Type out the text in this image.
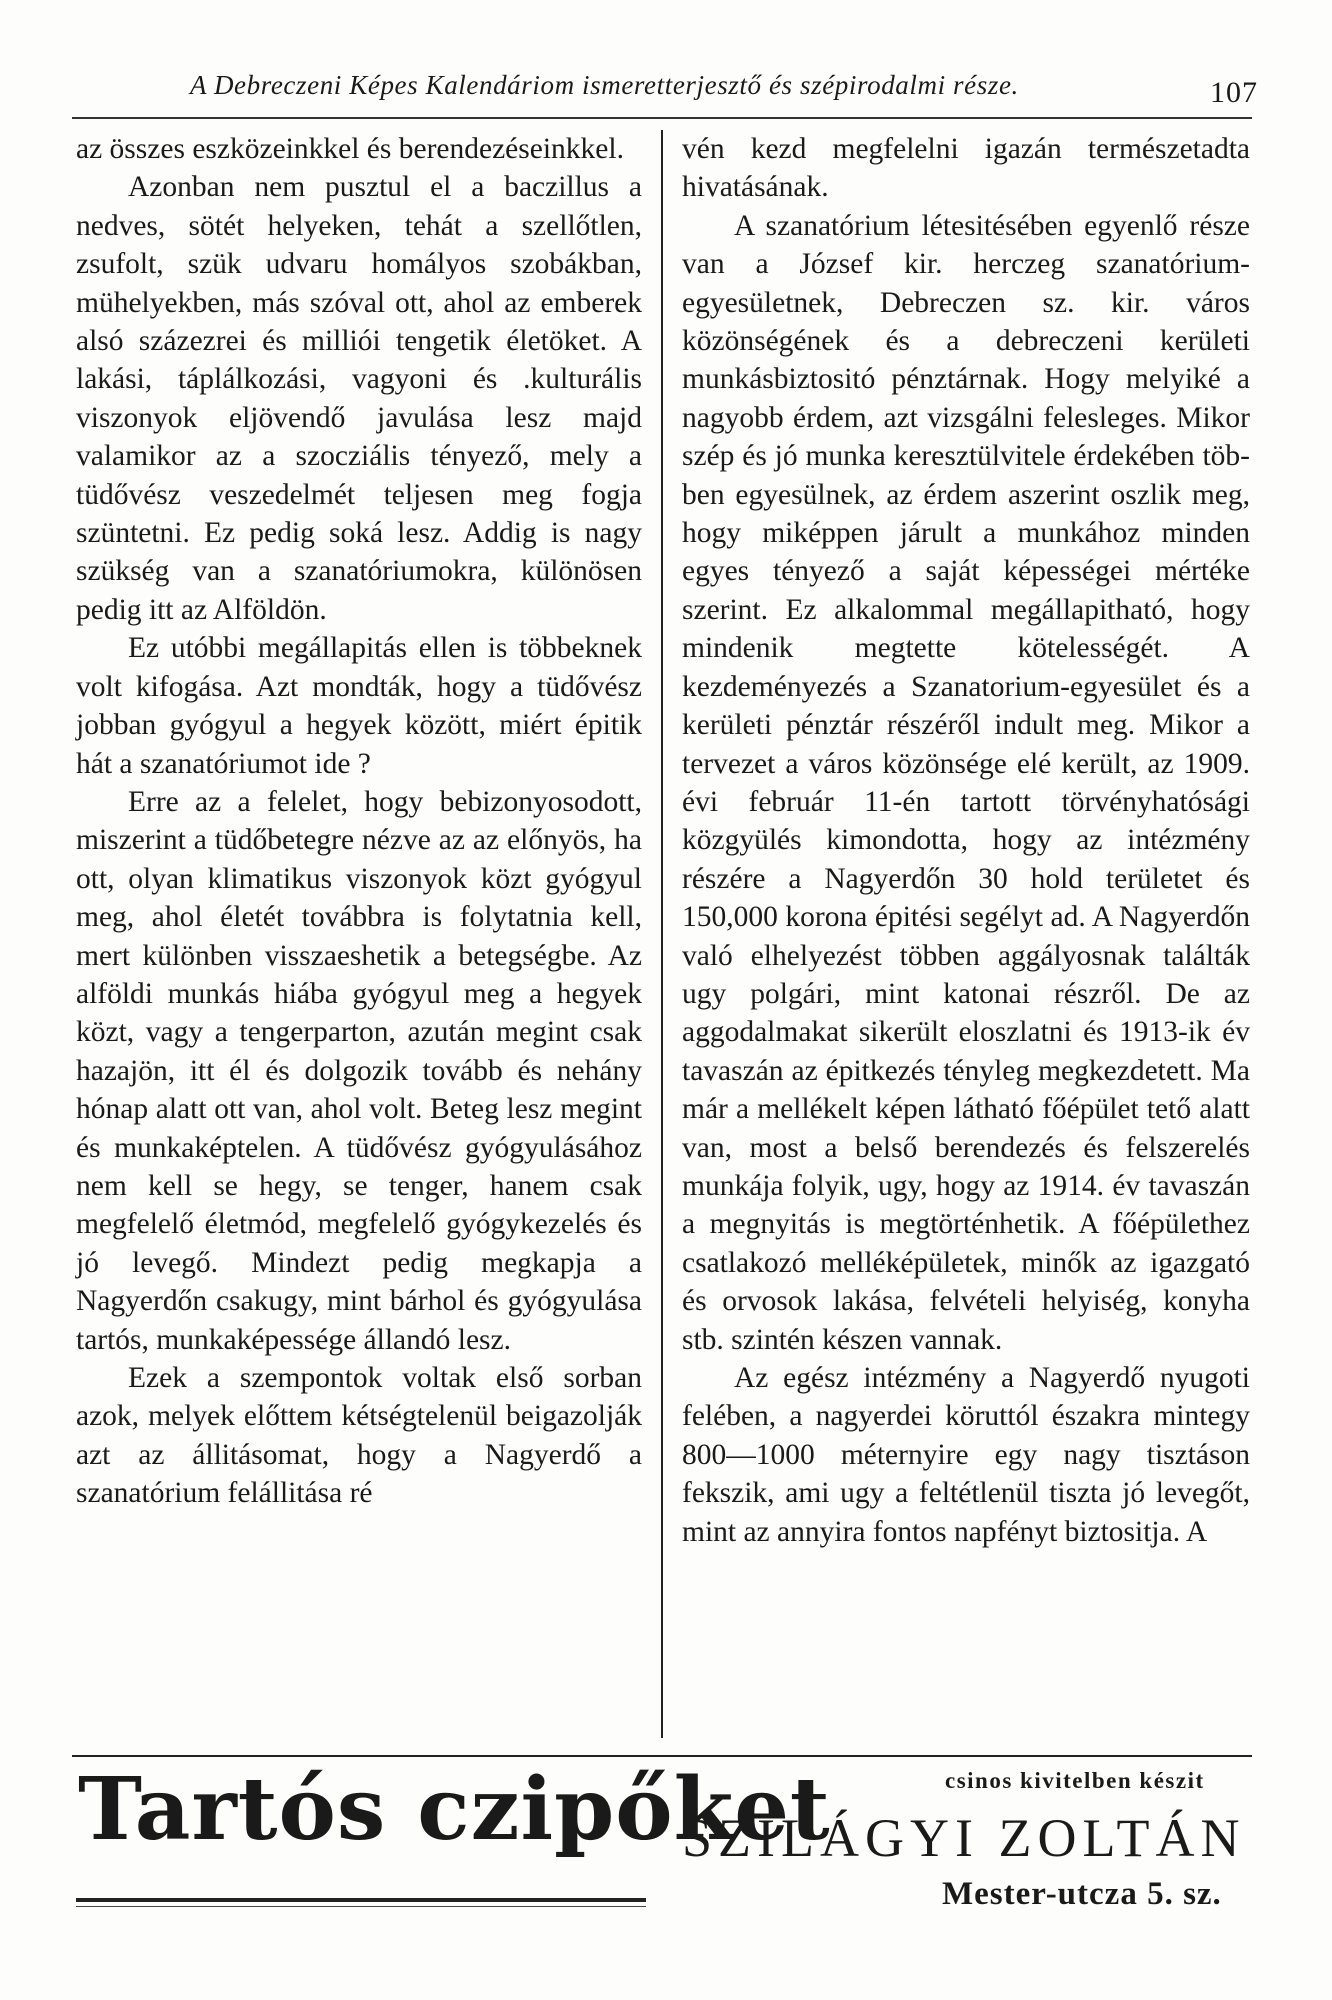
A Debreczeni Képes Kalendáriom ismeretterjesztő és szépirodalmi része.	107

az összes eszközeinkkel és berendezéseinkkel.

Azonban nem pusztul el a baczillus a nedves, sötét helyeken, tehát a szellőtlen, zsufolt, szük udvaru homályos szobákban, mühelyekben, más szóval ott, ahol az emberek alsó százezrei és milliói tengetik életöket. A lakási, táplálkozási, vagyoni és .kulturális viszonyok eljövendő javulása lesz majd valamikor az a szocziális tényező, mely a tüdővész veszedelmét teljesen meg fogja szüntetni. Ez pedig soká lesz. Addig is nagy szükség van a szanatóriumokra, különösen pedig itt az Alföldön.

Ez utóbbi megállapitás ellen is többeknek volt kifogása. Azt mondták, hogy a tüdővész jobban gyógyul a hegyek között, miért épitik hát a szanatóriumot ide ?

Erre az a felelet, hogy bebizonyosodott, miszerint a tüdőbetegre nézve az az előnyös, ha ott, olyan klimatikus viszonyok közt gyógyul meg, ahol életét továbbra is folytatnia kell, mert különben visszaeshetik a betegségbe. Az alföldi munkás hiába gyógyul meg a hegyek közt, vagy a tengerparton, azután megint csak hazajön, itt él és dolgozik tovább és nehány hónap alatt ott van, ahol volt. Beteg lesz megint és munkaképtelen. A tüdővész gyógyulásához nem kell se hegy, se tenger, hanem csak megfelelő életmód, megfelelő gyógykezelés és jó levegő. Mindezt pedig megkapja a Nagyerdőn csakugy, mint bárhol és gyógyulása tartós, munkaképessége állandó lesz.

Ezek a szempontok voltak első sorban azok, melyek előttem kétségtelenül beigazolják azt az állitásomat, hogy a Nagyerdő a szanatórium felállitása ré

vén kezd megfelelni igazán természetadta hivatásának.

A szanatórium létesitésében egyenlő része van a József kir. herczeg szanatórium-egyesületnek, Debreczen sz. kir. város közönségének és a debreczeni kerületi munkásbiztositó pénztárnak. Hogy melyiké a nagyobb érdem, azt vizsgálni felesleges. Mikor szép és jó munka keresztülvitele érdekében többen egyesülnek, az érdem aszerint oszlik meg, hogy miképpen járult a munkához minden egyes tényező a saját képességei mértéke szerint. Ez alkalommal megállapitható, hogy mindenik megtette kötelességét. A kezdeményezés a Szanatorium-egyesület és a kerületi pénztár részéről indult meg. Mikor a tervezet a város közönsége elé került, az 1909. évi február 11-én tartott törvényhatósági közgyülés kimondotta, hogy az intézmény részére a Nagyerdőn 30 hold területet és 150,000 korona épitési segélyt ad. A Nagyerdőn való elhelyezést többen aggályosnak találták ugy polgári, mint katonai részről. De az aggodalmakat sikerült eloszlatni és 1913-ik év tavaszán az épitkezés tényleg megkezdetett. Ma már a mellékelt képen látható főépület tető alatt van, most a belső berendezés és felszerelés munkája folyik, ugy, hogy az 1914. év tavaszán a megnyitás is megtörténhetik. A főépülethez csatlakozó melléképületek, minők az igazgató és orvosok lakása, felvételi helyiség, konyha stb. szintén készen vannak.

Az egész intézmény a Nagyerdő nyugoti felében, a nagyerdei köruttól északra mintegy 800—1000 méternyire egy nagy tisztáson fekszik, ami ugy a feltétlenül tiszta jó levegőt, mint az annyira fontos napfényt biztositja. A

Tartós czipőket	csinos kivitelben készit
SZILÁGYI ZOLTÁN
Mester-utcza 5. sz.
